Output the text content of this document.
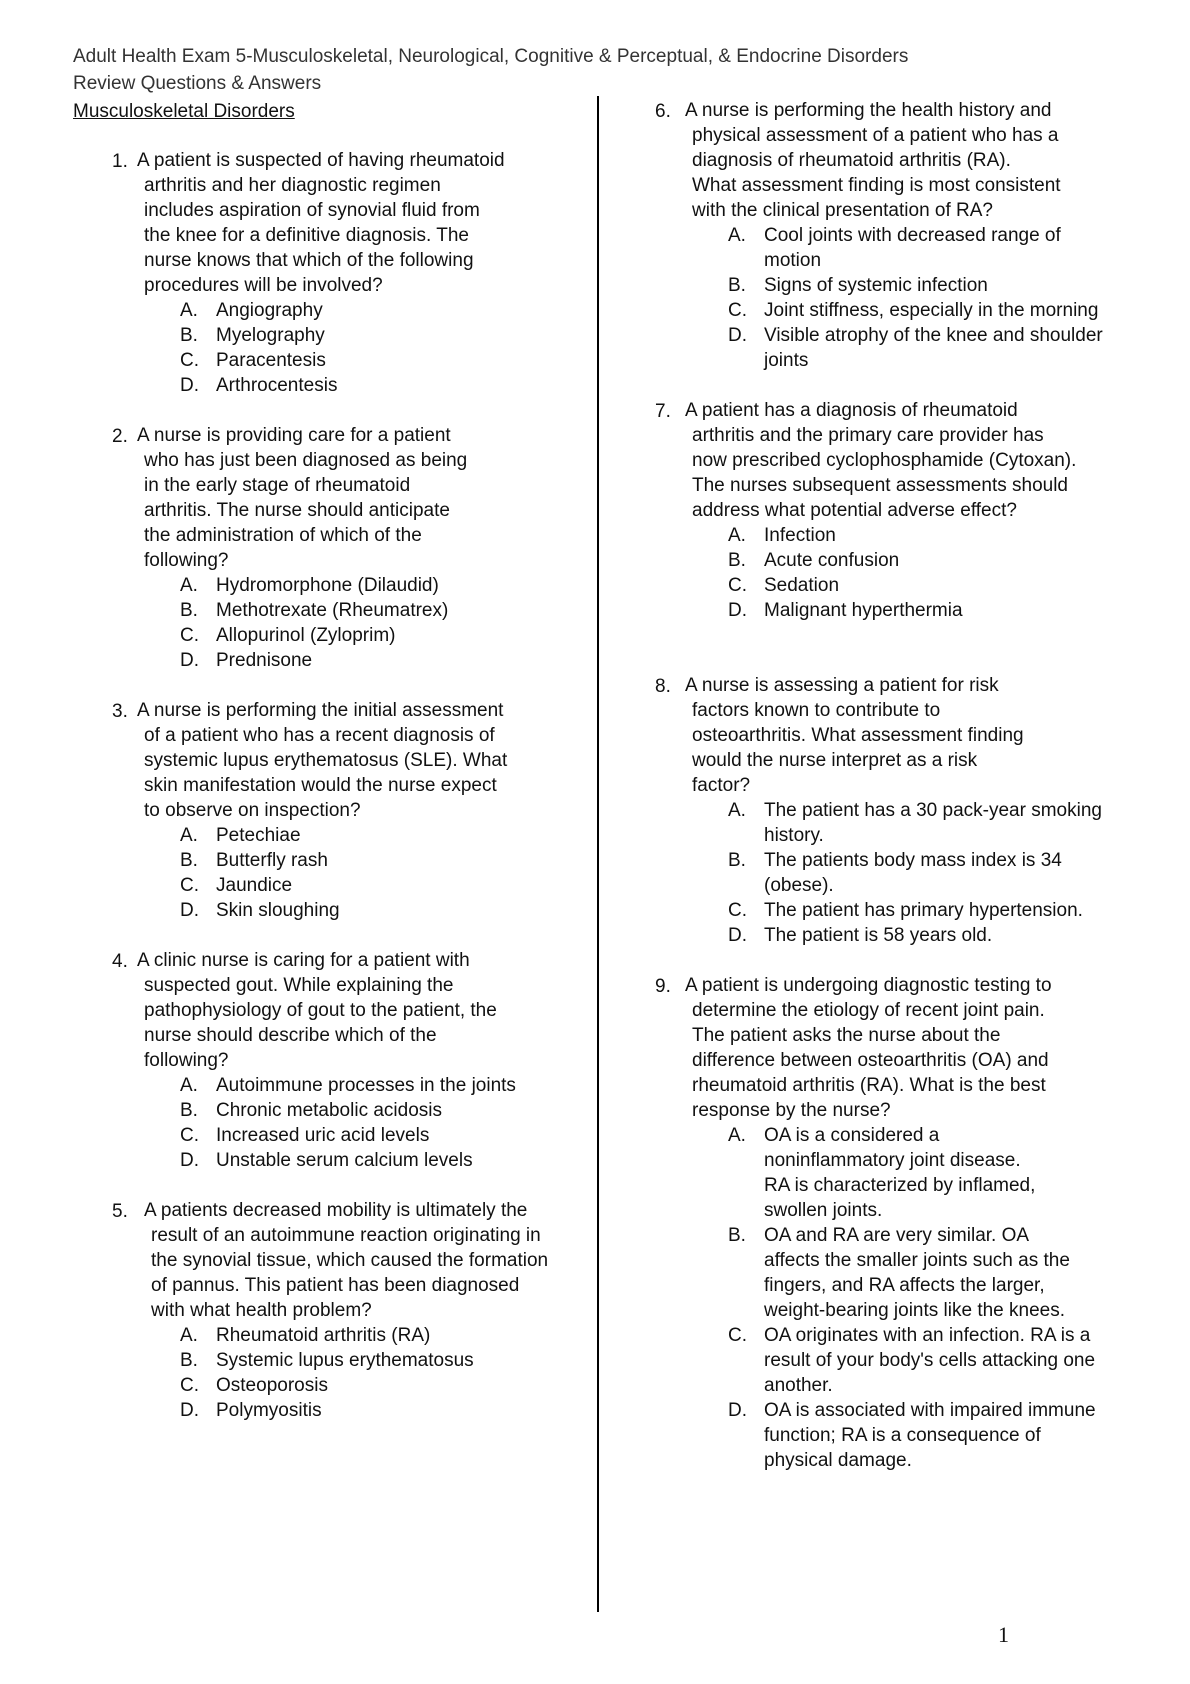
Adult Health Exam 5-Musculoskeletal, Neurological, Cognitive & Perceptual, & Endocrine Disorders
Review Questions & Answers
Musculoskeletal Disorders
1. A patient is suspected of having rheumatoid
arthritis and her diagnostic regimen
includes aspiration of synovial fluid from
the knee for a definitive diagnosis. The
nurse knows that which of the following
procedures will be involved?
A. Angiography
B. Myelography
C. Paracentesis
D. Arthrocentesis
2. A nurse is providing care for a patient
who has just been diagnosed as being
in the early stage of rheumatoid
arthritis. The nurse should anticipate
the administration of which of the
following?
A. Hydromorphone (Dilaudid)
B. Methotrexate (Rheumatrex)
C. Allopurinol (Zyloprim)
D. Prednisone
3. A nurse is performing the initial assessment
of a patient who has a recent diagnosis of
systemic lupus erythematosus (SLE). What
skin manifestation would the nurse expect
to observe on inspection?
A. Petechiae
B. Butterfly rash
C. Jaundice
D. Skin sloughing
4. A clinic nurse is caring for a patient with
suspected gout. While explaining the
pathophysiology of gout to the patient, the
nurse should describe which of the
following?
A. Autoimmune processes in the joints
B. Chronic metabolic acidosis
C. Increased uric acid levels
D. Unstable serum calcium levels
5. A patients decreased mobility is ultimately the
result of an autoimmune reaction originating in
the synovial tissue, which caused the formation
of pannus. This patient has been diagnosed
with what health problem?
A. Rheumatoid arthritis (RA)
B. Systemic lupus erythematosus
C. Osteoporosis
D. Polymyositis
6. A nurse is performing the health history and
physical assessment of a patient who has a
diagnosis of rheumatoid arthritis (RA).
What assessment finding is most consistent
with the clinical presentation of RA?
A. Cool joints with decreased range of
motion
B. Signs of systemic infection
C. Joint stiffness, especially in the morning
D. Visible atrophy of the knee and shoulder
joints
7. A patient has a diagnosis of rheumatoid
arthritis and the primary care provider has
now prescribed cyclophosphamide (Cytoxan).
The nurses subsequent assessments should
address what potential adverse effect?
A. Infection
B. Acute confusion
C. Sedation
D. Malignant hyperthermia
8. A nurse is assessing a patient for risk
factors known to contribute to
osteoarthritis. What assessment finding
would the nurse interpret as a risk
factor?
A. The patient has a 30 pack-year smoking
history.
B. The patients body mass index is 34
(obese).
C. The patient has primary hypertension.
D. The patient is 58 years old.
9. A patient is undergoing diagnostic testing to
determine the etiology of recent joint pain.
The patient asks the nurse about the
difference between osteoarthritis (OA) and
rheumatoid arthritis (RA). What is the best
response by the nurse?
A. OA is a considered a
noninflammatory joint disease.
RA is characterized by inflamed,
swollen joints.
B. OA and RA are very similar. OA
affects the smaller joints such as the
fingers, and RA affects the larger,
weight-bearing joints like the knees.
C. OA originates with an infection. RA is a
result of your body's cells attacking one
another.
D. OA is associated with impaired immune
function; RA is a consequence of
physical damage.
1
